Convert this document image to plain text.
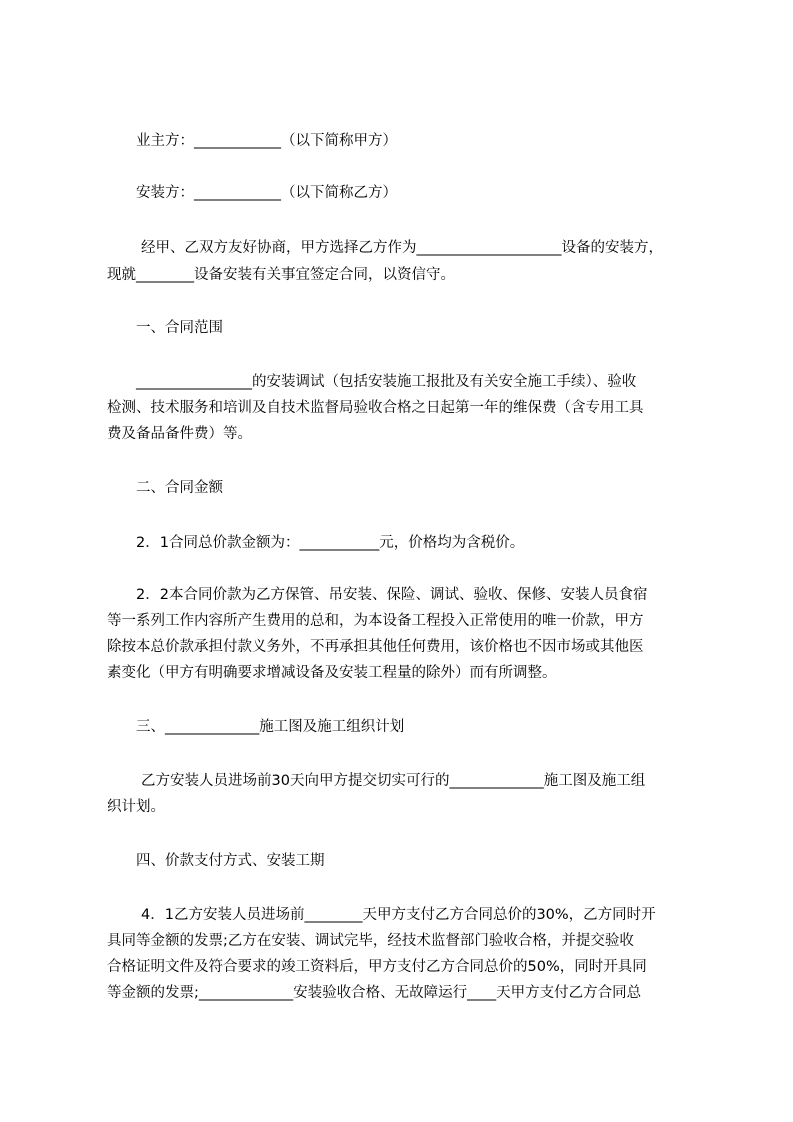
业主方：____________（以下简称甲方）
安装方：____________（以下简称乙方）
经甲、乙双方友好协商，甲方选择乙方作为____________________设备的安装方，
现就________设备安装有关事宜签定合同，以资信守。
一、合同范围
________________的安装调试（包括安装施工报批及有关安全施工手续）、验收
检测、技术服务和培训及自技术监督局验收合格之日起第一年的维保费（含专用工具
费及备品备件费）等。
二、合同金额
2．1合同总价款金额为：___________元，价格均为含税价。
2．2本合同价款为乙方保管、吊安装、保险、调试、验收、保修、安装人员食宿
等一系列工作内容所产生费用的总和，为本设备工程投入正常使用的唯一价款，甲方
除按本总价款承担付款义务外，不再承担其他任何费用，该价格也不因市场或其他医
素变化（甲方有明确要求增减设备及安装工程量的除外）而有所调整。
三、_____________施工图及施工组织计划
乙方安装人员进场前30天向甲方提交切实可行的_____________施工图及施工组
织计划。
四、价款支付方式、安装工期
4．1乙方安装人员进场前________天甲方支付乙方合同总价的30%，乙方同时开
具同等金额的发票;乙方在安装、调试完毕，经技术监督部门验收合格，并提交验收
合格证明文件及符合要求的竣工资料后，甲方支付乙方合同总价的50%，同时开具同
等金额的发票;_____________安装验收合格、无故障运行____天甲方支付乙方合同总
